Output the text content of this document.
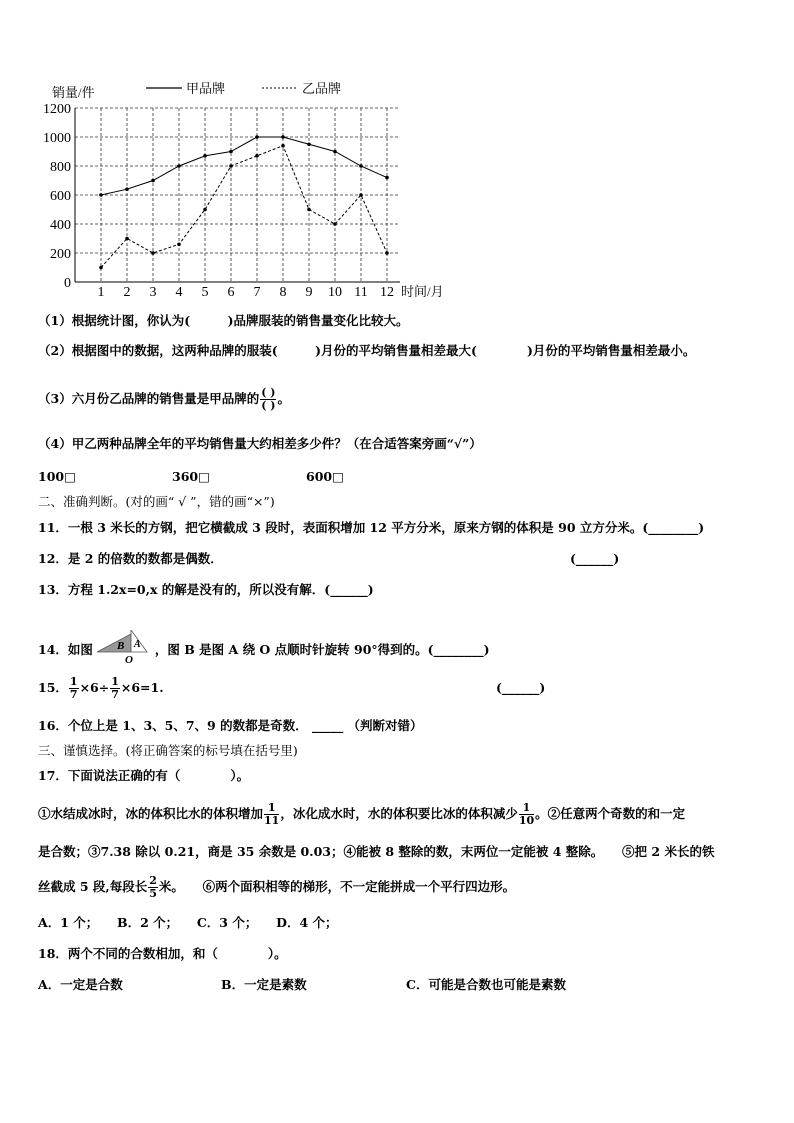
0
200
400
600
800
1000
1200
1 2 3 4 5 6 7 8 9 10 11 12
销量/件	甲品牌	乙品牌
时间/月
（1）根据统计图，你认为(　　　)品牌服装的销售量变化比较大。
（2）根据图中的数据，这两种品牌的服装(　　　)月份的平均销售量相差最大(　　　　)月份的平均销售量相差最小。
（3）六月份乙品牌的销售量是甲品牌的 $\frac{( )}{( )}$ 。
（4）甲乙两种品牌全年的平均销售量大约相差多少件？（在合适答案旁画“√”）
100□	360□	600□
二、准确判断。(对的画“ √ ”，错的画“×”)
11．一根 3 米长的方钢，把它横截成 3 段时，表面积增加 12 平方分米，原来方钢的体积是 90 立方分米。(________)
12．是 2 的倍数的数都是偶数．	(______)
13．方程 1.2x=0,x 的解是没有的，所以没有解．(______)
14．如图 B A
O
，图 B 是图 A 绕 O 点顺时针旋转 90°得到的。(________)
15． $\frac{1}{7} \times 6\div \frac{1}{7} \times 6=1$.	(______)
16．个位上是 1、3、5、7、9 的数都是奇数． _____ （判断对错）
三、谨慎选择。(将正确答案的标号填在括号里)
17．下面说法正确的有（　　　　）。
①水结成冰时，冰的体积比水的体积增加 $\frac{1}{11}$ ，冰化成水时，水的体积要比冰的体积减少 $\frac{1}{10}$ 。②任意两个奇数的和一定
是合数；③7.38 除以 0.21，商是 35 余数是 0.03；④能被 8 整除的数，末两位一定能被 4 整除。　　⑤把 2 米长的铁
丝截成 5 段,每段长 $\frac{2}{5}$ 米。　　⑥两个面积相等的梯形，不一定能拼成一个平行四边形。
A．1 个；　　B．2 个；　　C．3 个；　　D．4 个；
18．两个不同的合数相加，和（　　　　）。
A．一定是合数	B．一定是素数	C．可能是合数也可能是素数
